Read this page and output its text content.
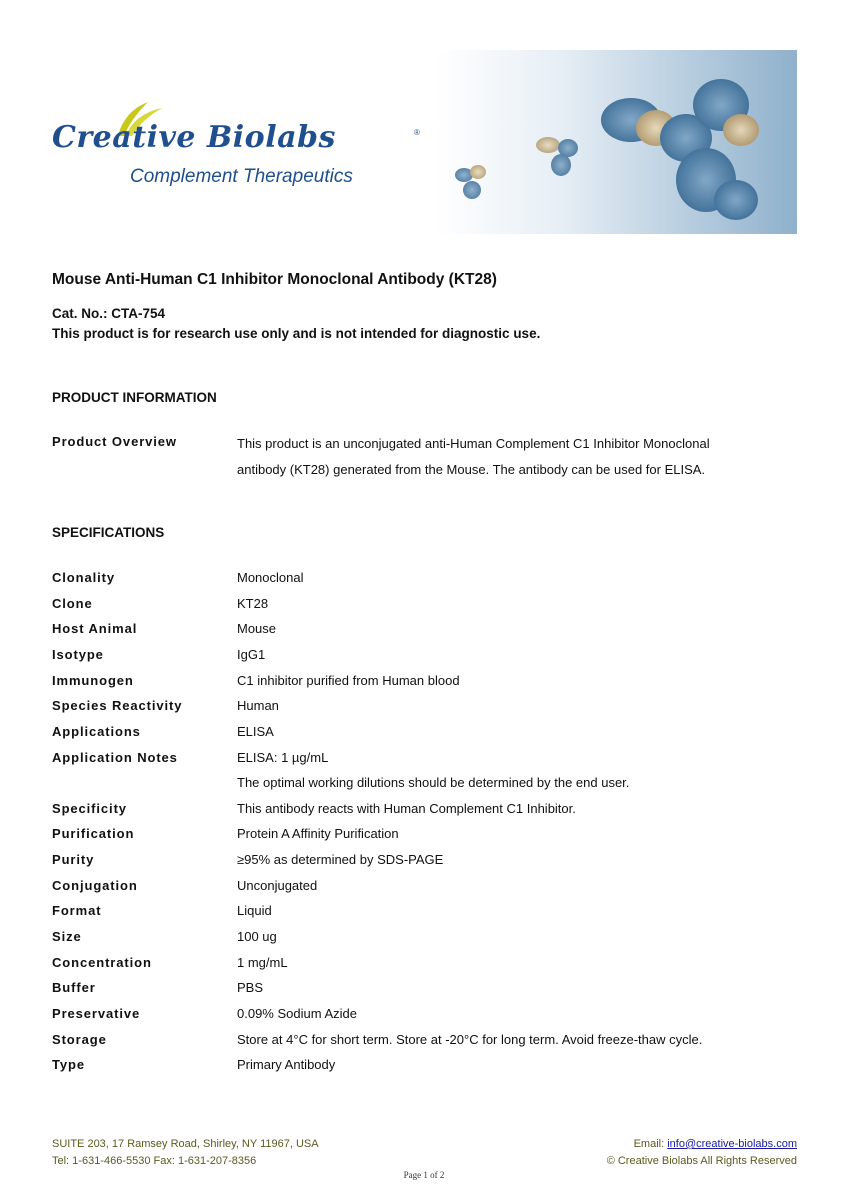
Creative Biolabs	®
Complement Therapeutics
Mouse Anti-Human C1 Inhibitor Monoclonal Antibody (KT28)
Cat. No.: CTA-754
This product is for research use only and is not intended for diagnostic use.
PRODUCT INFORMATION
Product Overview	This product is an unconjugated anti-Human Complement C1 Inhibitor Monoclonal antibody (KT28) generated from the Mouse. The antibody can be used for ELISA.
SPECIFICATIONS
Clonality	Monoclonal
Clone	KT28
Host Animal	Mouse
Isotype	IgG1
Immunogen	C1 inhibitor purified from Human blood
Species Reactivity	Human
Applications	ELISA
Application Notes	ELISA: 1 µg/mL
The optimal working dilutions should be determined by the end user.
Specificity	This antibody reacts with Human Complement C1 Inhibitor.
Purification	Protein A Affinity Purification
Purity	≥95% as determined by SDS-PAGE
Conjugation	Unconjugated
Format	Liquid
Size	100 ug
Concentration	1 mg/mL
Buffer	PBS
Preservative	0.09% Sodium Azide
Storage	Store at 4°C for short term. Store at -20°C for long term. Avoid freeze-thaw cycle.
Type	Primary Antibody
SUITE 203, 17 Ramsey Road, Shirley, NY 11967, USA
Tel: 1-631-466-5530 Fax: 1-631-207-8356
Email: info@creative-biolabs.com
© Creative Biolabs All Rights Reserved
Page 1 of 2
